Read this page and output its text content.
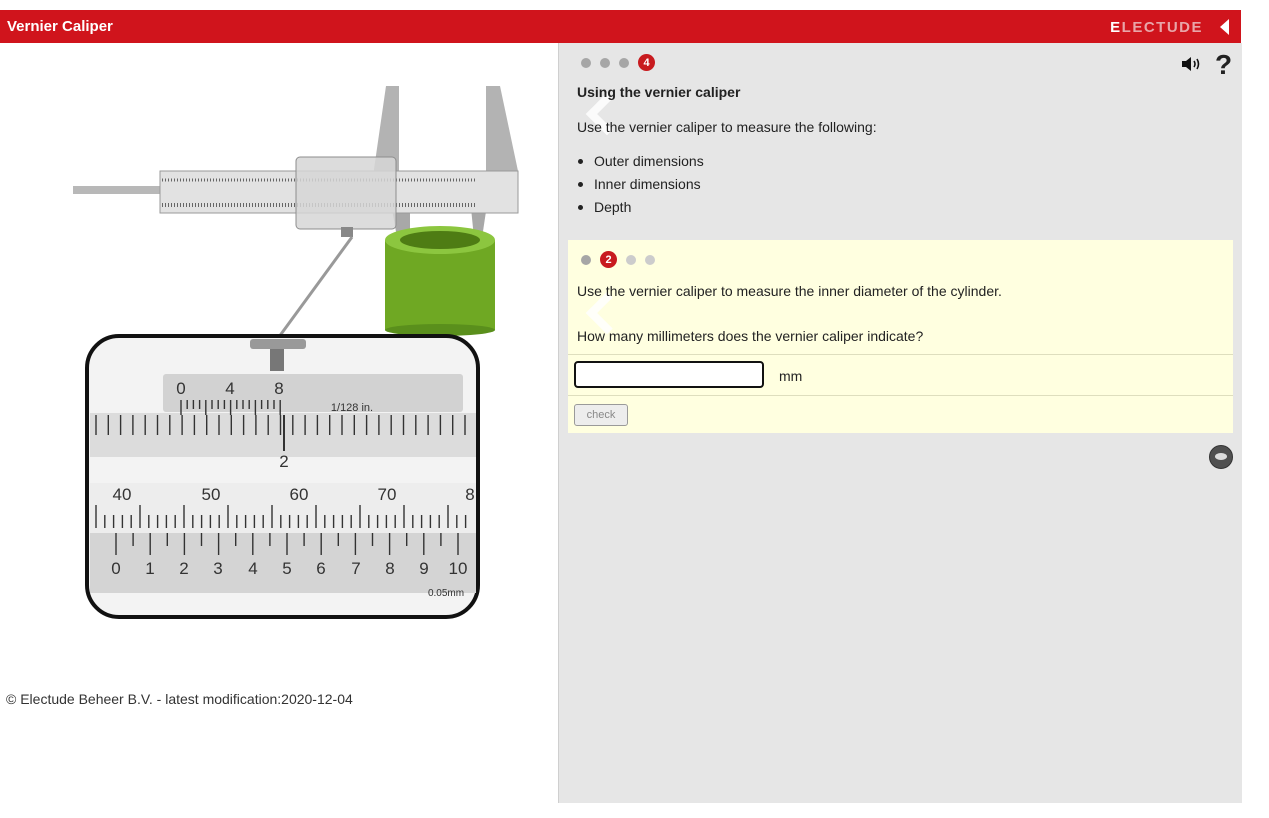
Vernier Caliper	ELECTUDE
0 4 8
1/128 in.
2
40	50	60	70	8
0 1 2 3 4 5 6 7 8 9 10
0.05mm
© Electude Beheer B.V. - latest modification:2020-12-04
4	?
Using the vernier caliper
Use the vernier caliper to measure the following:
Outer dimensions
Inner dimensions
Depth
2
Use the vernier caliper to measure the inner diameter of the cylinder.
How many millimeters does the vernier caliper indicate?
mm
check
